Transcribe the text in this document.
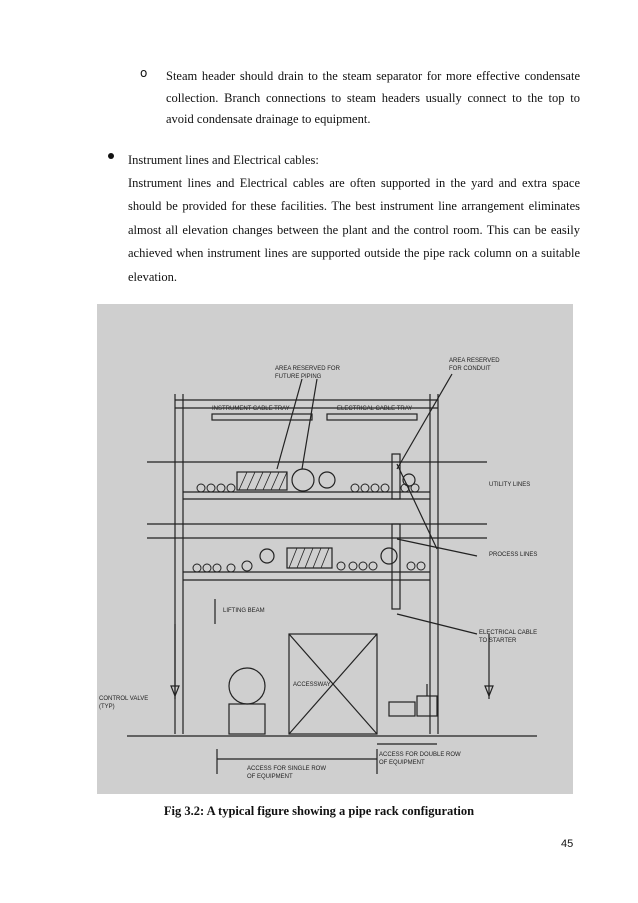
o Steam header should drain to the steam separator for more effective condensate collection. Branch connections to steam headers usually connect to the top to avoid condensate drainage to equipment.

Instrument lines and Electrical cables:

Instrument lines and Electrical cables are often supported in the yard and extra space should be provided for these facilities. The best instrument line arrangement eliminates almost all elevation changes between the plant and the control room. This can be easily achieved when instrument lines are supported outside the pipe rack column on a suitable elevation.

AREA RESERVED FOR
FUTURE PIPING
AREA RESERVED
FOR CONDUIT
INSTRUMENT CABLE TRAY	ELECTRICAL CABLE TRAY
UTILITY LINES
PROCESS LINES
LIFTING BEAM
ELECTRICAL CABLE
TO STARTER
CONTROL VALVE
(TYP)
ACCESSWAY
ACCESS FOR DOUBLE ROW
OF EQUIPMENT
ACCESS FOR SINGLE ROW
OF EQUIPMENT
Fig 3.2: A typical figure showing a pipe rack configuration
45
